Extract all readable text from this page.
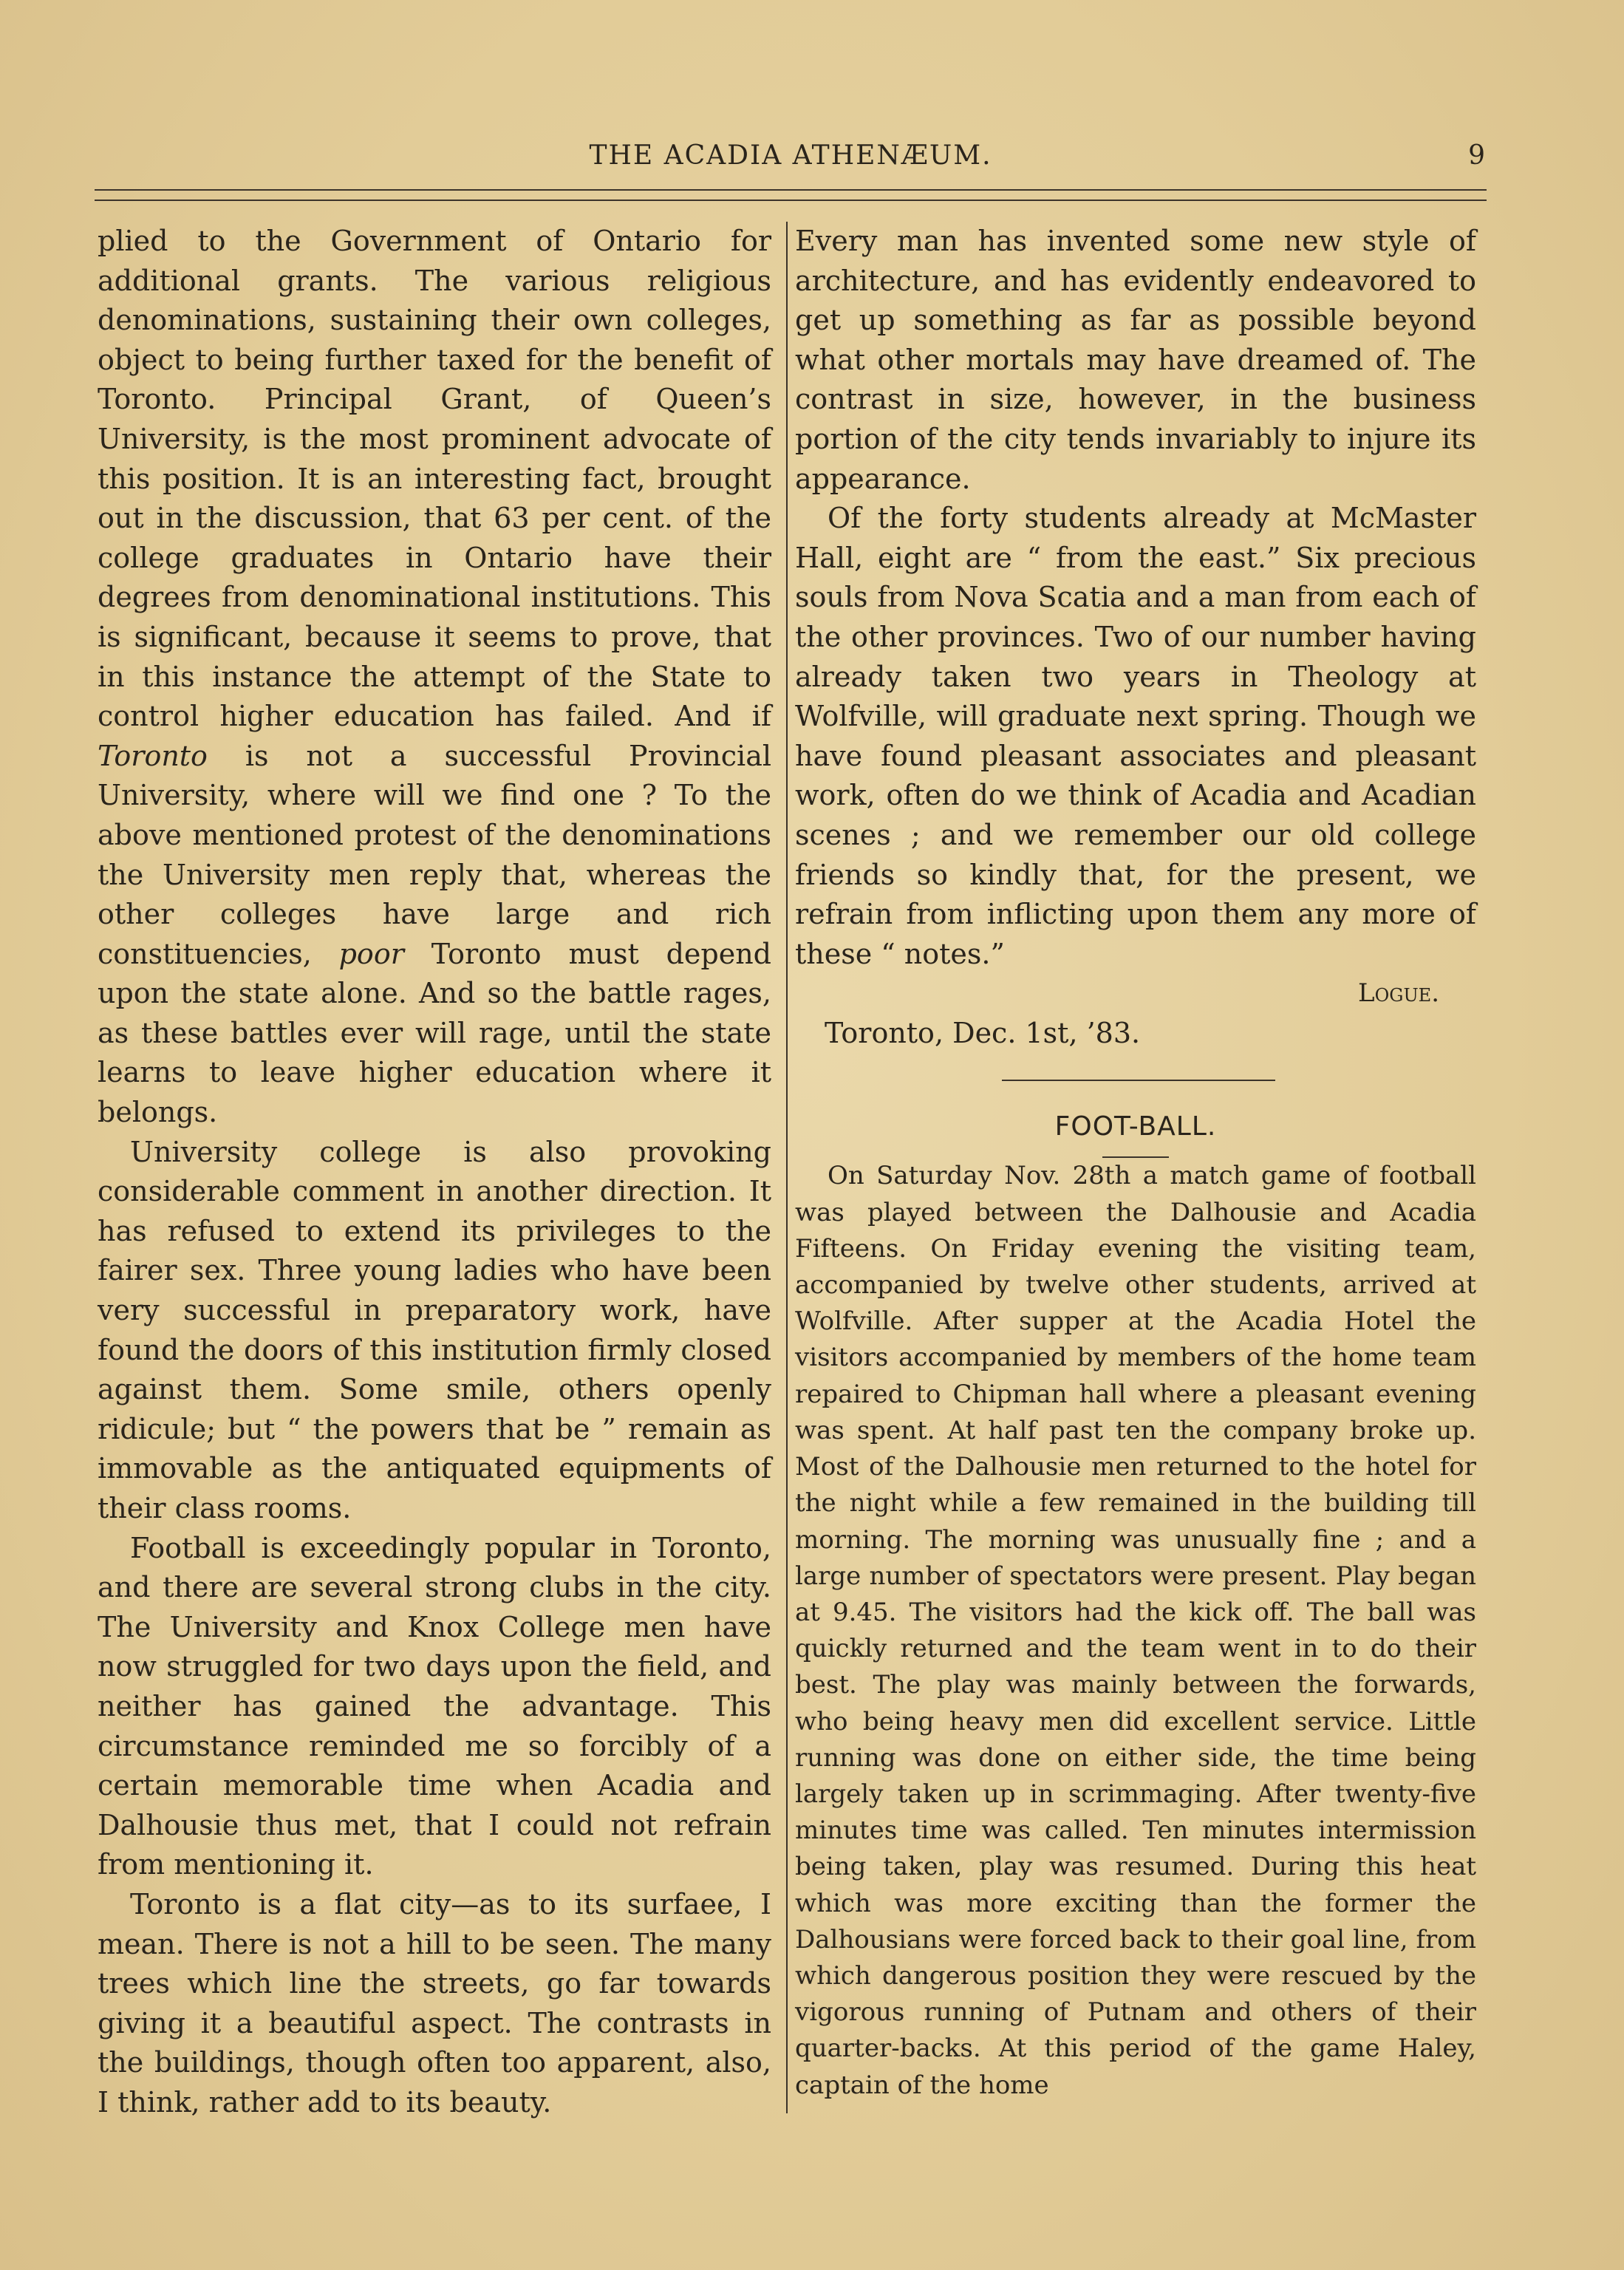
THE ACADIA ATHENÆUM.	9

plied to the Government of Ontario for additional grants. The various religious denominations, sustaining their own colleges, object to being further taxed for the benefit of Toronto. Principal Grant, of Queen’s University, is the most prominent advocate of this position. It is an interesting fact, brought out in the discussion, that 63 per cent. of the college graduates in Ontario have their degrees from denominational institutions. This is significant, because it seems to prove, that in this instance the attempt of the State to control higher education has failed. And if Toronto is not a successful Provincial University, where will we find one ? To the above mentioned protest of the denominations the University men reply that, whereas the other colleges have large and rich constituencies, poor Toronto must depend upon the state alone. And so the battle rages, as these battles ever will rage, until the state learns to leave higher education where it belongs.

University college is also provoking considerable comment in another direction. It has refused to extend its privileges to the fairer sex. Three young ladies who have been very successful in preparatory work, have found the doors of this institution firmly closed against them. Some smile, others openly ridicule; but “ the powers that be ” remain as immovable as the antiquated equipments of their class rooms.

Football is exceedingly popular in Toronto, and there are several strong clubs in the city. The University and Knox College men have now struggled for two days upon the field, and neither has gained the advantage. This circumstance reminded me so forcibly of a certain memorable time when Acadia and Dalhousie thus met, that I could not refrain from mentioning it.

Toronto is a flat city—as to its surfaee, I mean. There is not a hill to be seen. The many trees which line the streets, go far towards giving it a beautiful aspect. The contrasts in the buildings, though often too apparent, also, I think, rather add to its beauty.

Every man has invented some new style of architecture, and has evidently endeavored to get up something as far as possible beyond what other mortals may have dreamed of. The contrast in size, however, in the business portion of the city tends invariably to injure its appearance.

Of the forty students already at McMaster Hall, eight are “ from the east.” Six precious souls from Nova Scatia and a man from each of the other provinces. Two of our number having already taken two years in Theology at Wolfville, will graduate next spring. Though we have found pleasant associates and pleasant work, often do we think of Acadia and Acadian scenes ; and we remember our old college friends so kindly that, for the present, we refrain from inflicting upon them any more of these “ notes.”

Logue.

Toronto, Dec. 1st, ’83.

FOOT-BALL.

On Saturday Nov. 28th a match game of football was played between the Dalhousie and Acadia Fifteens. On Friday evening the visiting team, accompanied by twelve other students, arrived at Wolfville. After supper at the Acadia Hotel the visitors accompanied by members of the home team repaired to Chipman hall where a pleasant evening was spent. At half past ten the company broke up. Most of the Dalhousie men returned to the hotel for the night while a few remained in the building till morning. The morning was unusually fine ; and a large number of spectators were present. Play began at 9.45. The visitors had the kick off. The ball was quickly returned and the team went in to do their best. The play was mainly between the forwards, who being heavy men did excellent service. Little running was done on either side, the time being largely taken up in scrimmaging. After twenty-five minutes time was called. Ten minutes intermission being taken, play was resumed. During this heat which was more exciting than the former the Dalhousians were forced back to their goal line, from which dangerous position they were rescued by the vigorous running of Putnam and others of their quarter-backs. At this period of the game Haley, captain of the home
